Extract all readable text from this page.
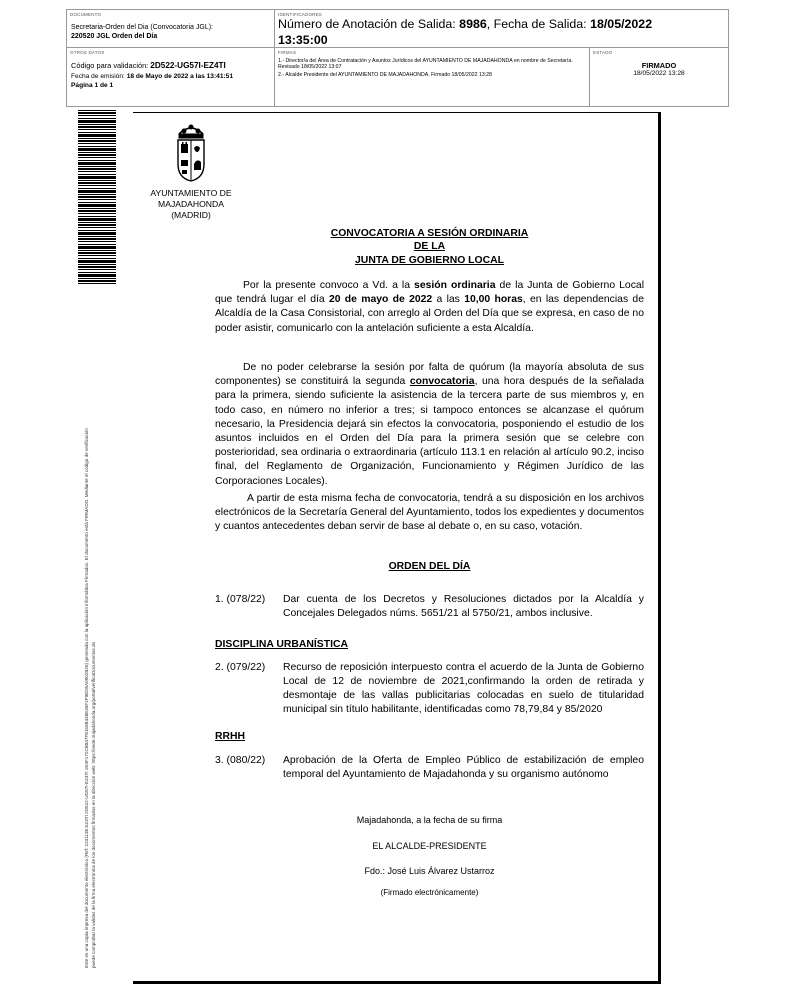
DOCUMENTO
Secretaria-Orden del Dia (Convocatoria JGL):
220520 JGL Orden del Día
IDENTIFICADORES
Número de Anotación de Salida: 8986, Fecha de Salida: 18/05/2022
13:35:00
OTROS DATOS
Código para validación: 2D522-UG57I-EZ4TI
Fecha de emisión: 18 de Mayo de 2022 a las 13:41:51
Página 1 de 1
FIRMAS
1.- Director/a del Área de Contratación y Asuntos Jurídicos del AYUNTAMIENTO DE MAJADAHONDA en nombre de Secretaría. Revisado 18/05/2022 13:07
2.- Alcalde Presidente del AYUNTAMIENTO DE MAJADAHONDA. Firmado 18/05/2022 13:28
ESTADO
FIRMADO
18/05/2022 13:28
Este es una copia impresa del documento electrónico (Ref: 2231138 EZ4TI 2D522-UG57I-EZ4TI 1E4F172CB847F8155B448E45F2F9ED5A0902B26) generada con la aplicación informática Firmadoc. El documento está FIRMADO. Mediante el código de verificación puede comprobar la validez de la firma electrónica de los documentos firmados en la dirección web: https://sede.majadahonda.org/portal/verificaDocumentos.do
AYUNTAMIENTO DE
MAJADAHONDA
(MADRID)
CONVOCATORIA A SESIÓN ORDINARIA
DE LA
JUNTA DE GOBIERNO LOCAL
Por la presente convoco a Vd. a la sesión ordinaria de la Junta de Gobierno Local que tendrá lugar el día 20 de mayo de 2022 a las 10,00 horas, en las dependencias de Alcaldía de la Casa Consistorial, con arreglo al Orden del Día que se expresa, en caso de no poder asistir, comunicarlo con la antelación suficiente a esta Alcaldía.
De no poder celebrarse la sesión por falta de quórum (la mayoría absoluta de sus componentes) se constituirá la segunda convocatoria, una hora después de la señalada para la primera, siendo suficiente la asistencia de la tercera parte de sus miembros y, en todo caso, en número no inferior a tres; si tampoco entonces se alcanzase el quórum necesario, la Presidencia dejará sin efectos la convocatoria, posponiendo el estudio de los asuntos incluidos en el Orden del Día para la primera sesión que se celebre con posterioridad, sea ordinaria o extraordinaria (artículo 113.1 en relación al artículo 90.2, inciso final, del Reglamento de Organización, Funcionamiento y Régimen Jurídico de las Corporaciones Locales).
A partir de esta misma fecha de convocatoria, tendrá a su disposición en los archivos electrónicos de la Secretaría General del Ayuntamiento, todos los expedientes y documentos y cuantos antecedentes deban servir de base al debate o, en su caso, votación.
ORDEN DEL DÍA
1. (078/22) Dar cuenta de los Decretos y Resoluciones dictados por la Alcaldía y Concejales Delegados núms. 5651/21 al 5750/21, ambos inclusive.
DISCIPLINA URBANÍSTICA
2. (079/22) Recurso de reposición interpuesto contra el acuerdo de la Junta de Gobierno Local de 12 de noviembre de 2021,confirmando la orden de retirada y desmontaje de las vallas publicitarias colocadas en suelo de titularidad municipal sin título habilitante, identificadas como 78,79,84 y 85/2020
RRHH
3. (080/22) Aprobación de la Oferta de Empleo Público de estabilización de empleo temporal del Ayuntamiento de Majadahonda y su organismo autónomo
Majadahonda, a la fecha de su firma
EL ALCALDE-PRESIDENTE
Fdo.: José Luis Álvarez Ustarroz
(Firmado electrónicamente)
